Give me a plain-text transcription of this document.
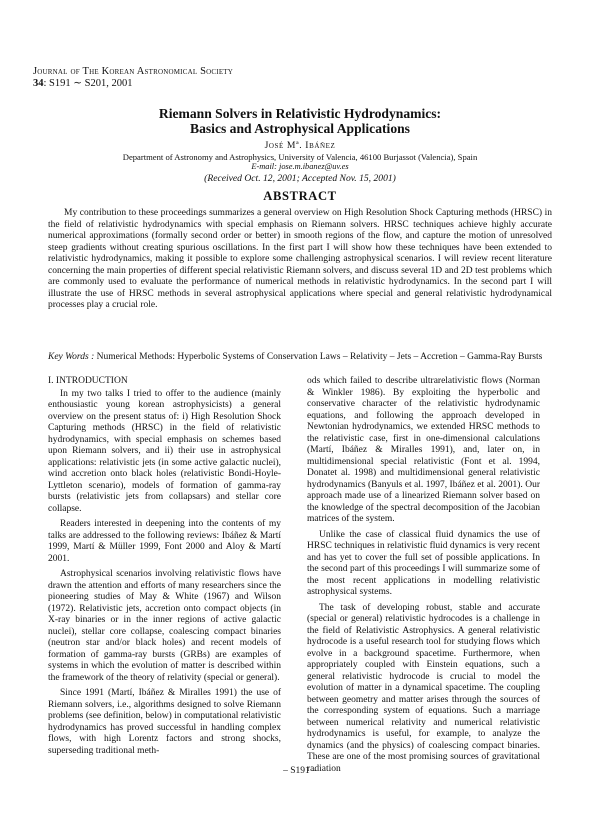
Journal of The Korean Astronomical Society
34: S191 ∼ S201, 2001
Riemann Solvers in Relativistic Hydrodynamics:
Basics and Astrophysical Applications
José Mª. Ibáñez
Department of Astronomy and Astrophysics, University of Valencia, 46100 Burjassot (Valencia), Spain
E-mail: jose.m.ibanez@uv.es
(Received Oct. 12, 2001; Accepted Nov. 15, 2001)
ABSTRACT

My contribution to these proceedings summarizes a general overview on High Resolution Shock Capturing methods (HRSC) in the field of relativistic hydrodynamics with special emphasis on Riemann solvers. HRSC techniques achieve highly accurate numerical approximations (formally second order or better) in smooth regions of the flow, and capture the motion of unresolved steep gradients without creating spurious oscillations. In the first part I will show how these techniques have been extended to relativistic hydrodynamics, making it possible to explore some challenging astrophysical scenarios. I will review recent literature concerning the main properties of different special relativistic Riemann solvers, and discuss several 1D and 2D test problems which are commonly used to evaluate the performance of numerical methods in relativistic hydrodynamics. In the second part I will illustrate the use of HRSC methods in several astrophysical applications where special and general relativistic hydrodynamical processes play a crucial role.

Key Words : Numerical Methods: Hyperbolic Systems of Conservation Laws – Relativity – Jets – Accretion – Gamma-Ray Bursts

I. INTRODUCTION

In my two talks I tried to offer to the audience (mainly enthousiastic young korean astrophysicists) a general overview on the present status of: i) High Resolution Shock Capturing methods (HRSC) in the field of relativistic hydrodynamics, with special emphasis on schemes based upon Riemann solvers, and ii) their use in astrophysical applications: relativistic jets (in some active galactic nuclei), wind accretion onto black holes (relativistic Bondi-Hoyle-Lyttleton scenario), models of formation of gamma-ray bursts (relativistic jets from collapsars) and stellar core collapse.

Readers interested in deepening into the contents of my talks are addressed to the following reviews: Ibáñez & Martí 1999, Martí & Müller 1999, Font 2000 and Aloy & Martí 2001.

Astrophysical scenarios involving relativistic flows have drawn the attention and efforts of many researchers since the pioneering studies of May & White (1967) and Wilson (1972). Relativistic jets, accretion onto compact objects (in X-ray binaries or in the inner regions of active galactic nuclei), stellar core collapse, coalescing compact binaries (neutron star and/or black holes) and recent models of formation of gamma-ray bursts (GRBs) are examples of systems in which the evolution of matter is described within the framework of the theory of relativity (special or general).

Since 1991 (Martí, Ibáñez & Miralles 1991) the use of Riemann solvers, i.e., algorithms designed to solve Riemann problems (see definition, below) in computational relativistic hydrodynamics has proved successful in handling complex flows, with high Lorentz factors and strong shocks, superseding traditional meth-

ods which failed to describe ultrarelativistic flows (Norman & Winkler 1986). By exploiting the hyperbolic and conservative character of the relativistic hydrodynamic equations, and following the approach developed in Newtonian hydrodynamics, we extended HRSC methods to the relativistic case, first in one-dimensional calculations (Martí, Ibáñez & Miralles 1991), and, later on, in multidimensional special relativistic (Font et al. 1994, Donatet al. 1998) and multidimensional general relativistic hydrodynamics (Banyuls et al. 1997, Ibáñez et al. 2001). Our approach made use of a linearized Riemann solver based on the knowledge of the spectral decomposition of the Jacobian matrices of the system.

Unlike the case of classical fluid dynamics the use of HRSC techniques in relativistic fluid dynamics is very recent and has yet to cover the full set of possible applications. In the second part of this proceedings I will summarize some of the most recent applications in modelling relativistic astrophysical systems.

The task of developing robust, stable and accurate (special or general) relativistic hydrocodes is a challenge in the field of Relativistic Astrophysics. A general relativistic hydrocode is a useful research tool for studying flows which evolve in a background spacetime. Furthermore, when appropriately coupled with Einstein equations, such a general relativistic hydrocode is crucial to model the evolution of matter in a dynamical spacetime. The coupling between geometry and matter arises through the sources of the corresponding system of equations. Such a marriage between numerical relativity and numerical relativistic hydrodynamics is useful, for example, to analyze the dynamics (and the physics) of coalescing compact binaries. These are one of the most promising sources of gravitational radiation

– S191 –
